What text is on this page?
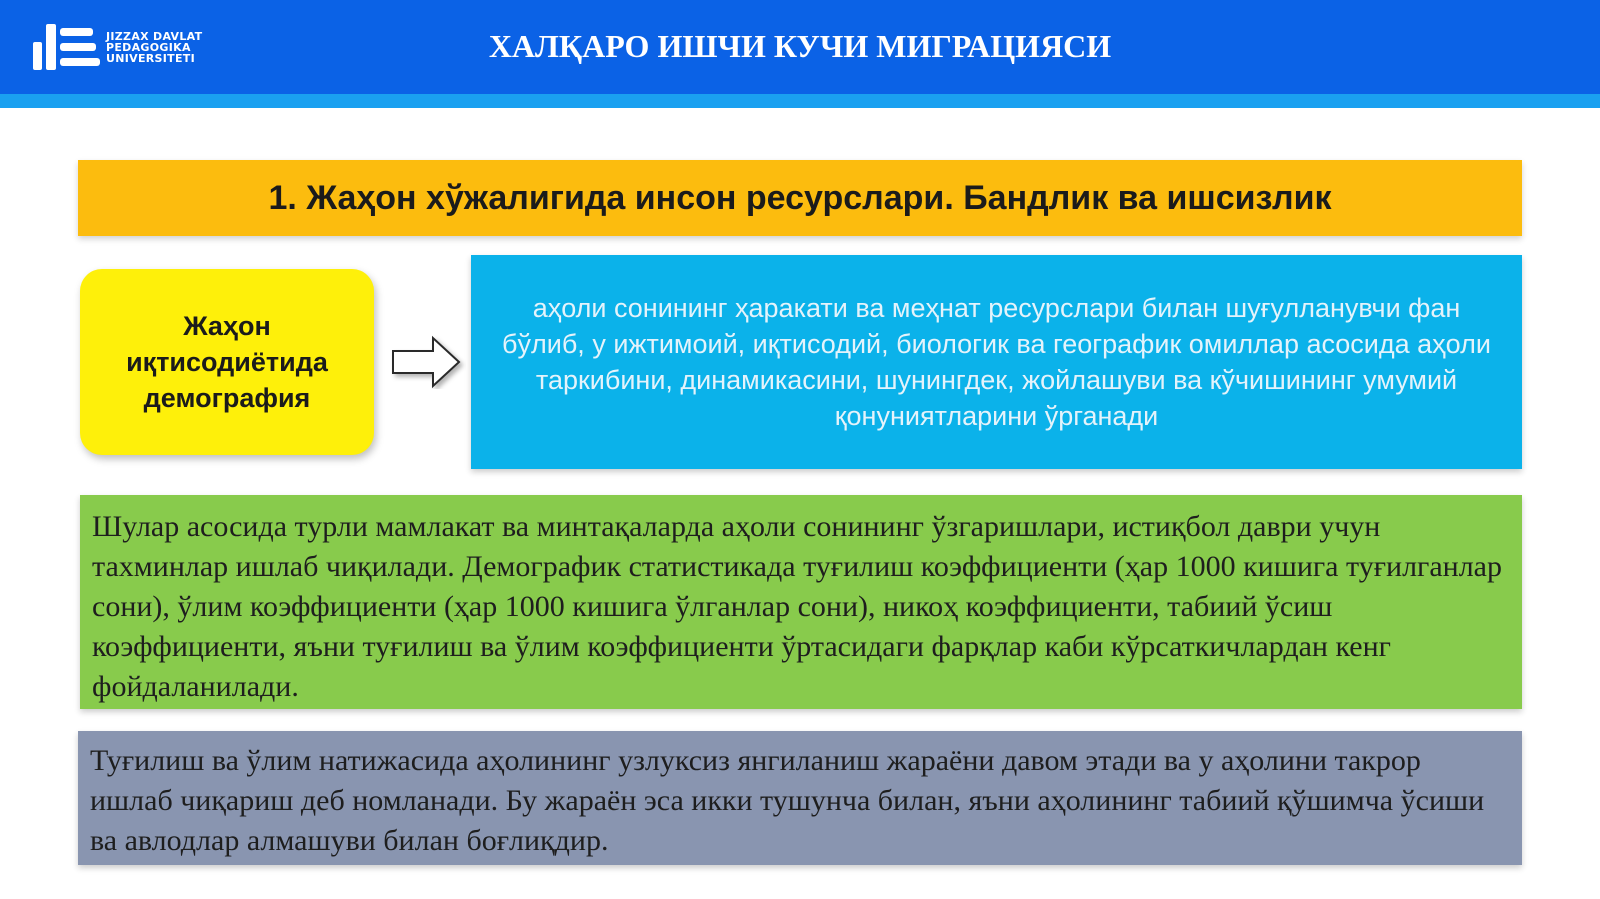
JIZZAX DAVLAT
PEDAGOGIKA
UNIVERSITETI	ХАЛҚАРО ИШЧИ КУЧИ МИГРАЦИЯСИ
1. Жаҳон хўжалигида инсон ресурслари. Бандлик ва ишсизлик
Жаҳон
иқтисодиётида
демография
аҳоли сонининг ҳаракати ва меҳнат ресурслари билан шуғулланувчи фан бўлиб, у ижтимоий, иқтисодий, биологик ва географик омиллар асосида аҳоли таркибини, динамикасини, шунингдек, жойлашуви ва кўчишининг умумий қонуниятларини ўрганади
Шулар асосида турли мамлакат ва минтақаларда аҳоли сонининг ўзгаришлари, истиқбол даври учун тахминлар ишлаб чиқилади. Демографик статистикада туғилиш коэффициенти (ҳар 1000 кишига туғилганлар сони), ўлим коэффициенти (ҳар 1000 кишига ўлганлар сони), никоҳ коэффициенти, табиий ўсиш коэффициенти, яъни туғилиш ва ўлим коэффициенти ўртасидаги фарқлар каби кўрсаткичлардан кенг фойдаланилади.
Туғилиш ва ўлим натижасида аҳолининг узлуксиз янгиланиш жараёни давом этади ва у аҳолини такрор ишлаб чиқариш деб номланади. Бу жараён эса икки тушунча билан, яъни аҳолининг табиий қўшимча ўсиши ва авлодлар алмашуви билан боғлиқдир.
